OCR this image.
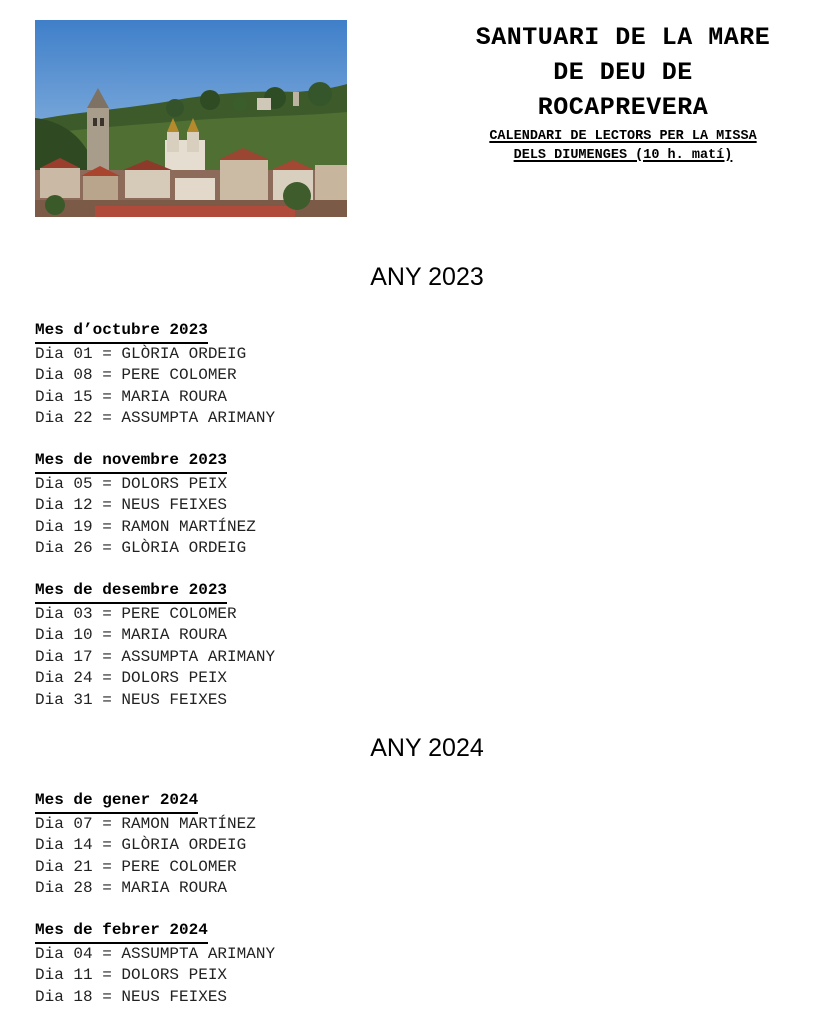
SANTUARI DE LA MARE
DE DEU DE
ROCAPREVERA
CALENDARI DE LECTORS PER LA MISSA
DELS DIUMENGES (10 h. matí)
ANY 2023
Mes d’octubre 2023
Dia 01 = GLÒRIA ORDEIG
Dia 08 = PERE COLOMER
Dia 15 = MARIA ROURA
Dia 22 = ASSUMPTA ARIMANY
Mes de novembre 2023
Dia 05 = DOLORS PEIX
Dia 12 = NEUS FEIXES
Dia 19 = RAMON MARTÍNEZ
Dia 26 = GLÒRIA ORDEIG
Mes de desembre 2023
Dia 03 = PERE COLOMER
Dia 10 = MARIA ROURA
Dia 17 = ASSUMPTA ARIMANY
Dia 24 = DOLORS PEIX
Dia 31 = NEUS FEIXES
ANY 2024
Mes de gener 2024
Dia 07 = RAMON MARTÍNEZ
Dia 14 = GLÒRIA ORDEIG
Dia 21 = PERE COLOMER
Dia 28 = MARIA ROURA
Mes de febrer 2024
Dia 04 = ASSUMPTA ARIMANY
Dia 11 = DOLORS PEIX
Dia 18 = NEUS FEIXES
